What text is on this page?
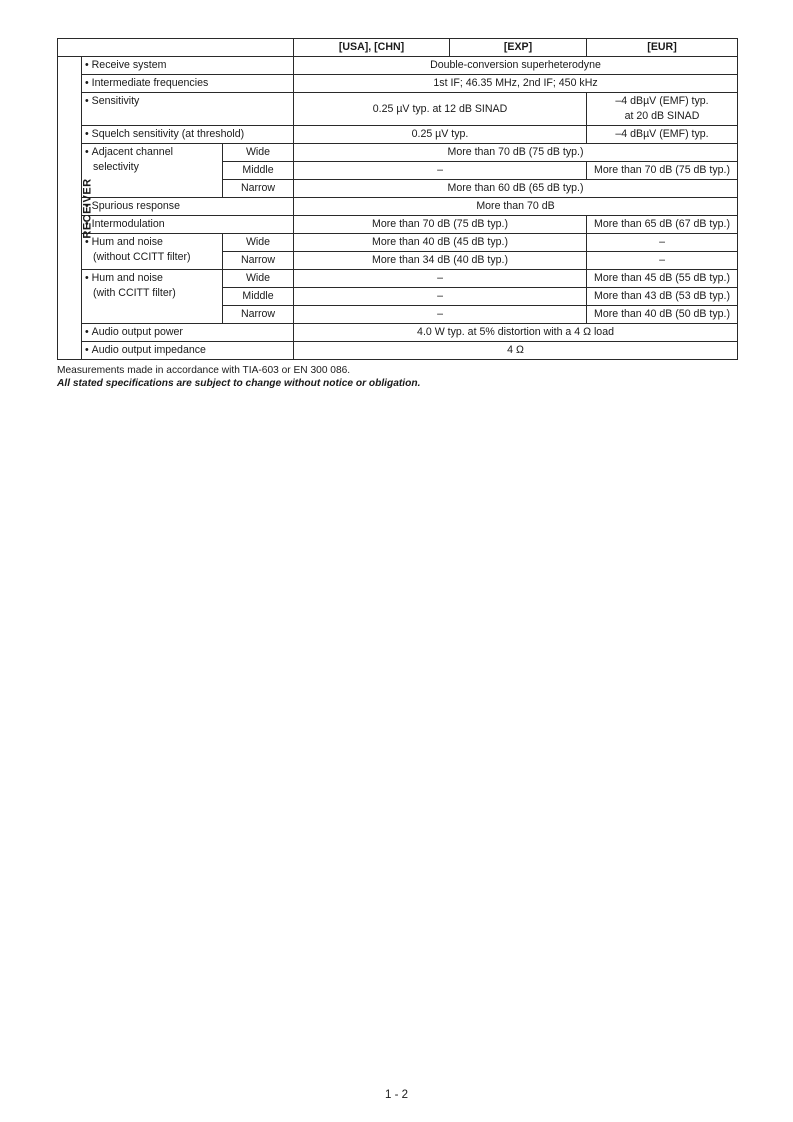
			[USA], [CHN]	[EXP]	[EUR]
RECEIVER	• Receive system		Double-conversion superheterodyne		
	• Intermediate frequencies		1st IF; 46.35 MHz, 2nd IF; 450 kHz		
	• Sensitivity		0.25 µV typ. at 12 dB SINAD		–4 dBµV (EMF) typ.
at 20 dB SINAD

	• Squelch sensitivity (at threshold)		0.25 µV typ.		–4 dBµV (EMF) typ.

	• Adjacent channel
selectivity	Wide	More than 70 dB (75 dB typ.)		
		Middle	–		More than 70 dB (75 dB typ.)
		Narrow	More than 60 dB (65 dB typ.)		
	• Spurious response		More than 70 dB		
	• Intermodulation		More than 70 dB (75 dB typ.)		More than 65 dB (67 dB typ.)

	• Hum and noise
(without CCITT filter)	Wide	More than 40 dB (45 dB typ.)		–
		Narrow	More than 34 dB (40 dB typ.)		–

	• Hum and noise
(with CCITT filter)	Wide	–		More than 45 dB (55 dB typ.)
		Middle	–		More than 43 dB (53 dB typ.)
		Narrow	–		More than 40 dB (50 dB typ.)
	• Audio output power		4.0 W typ. at 5% distortion with a 4 Ω load		
	• Audio output impedance		4 Ω		
Measurements made in accordance with TIA-603 or EN 300 086.
All stated specifications are subject to change without notice or obligation.
1 - 2
